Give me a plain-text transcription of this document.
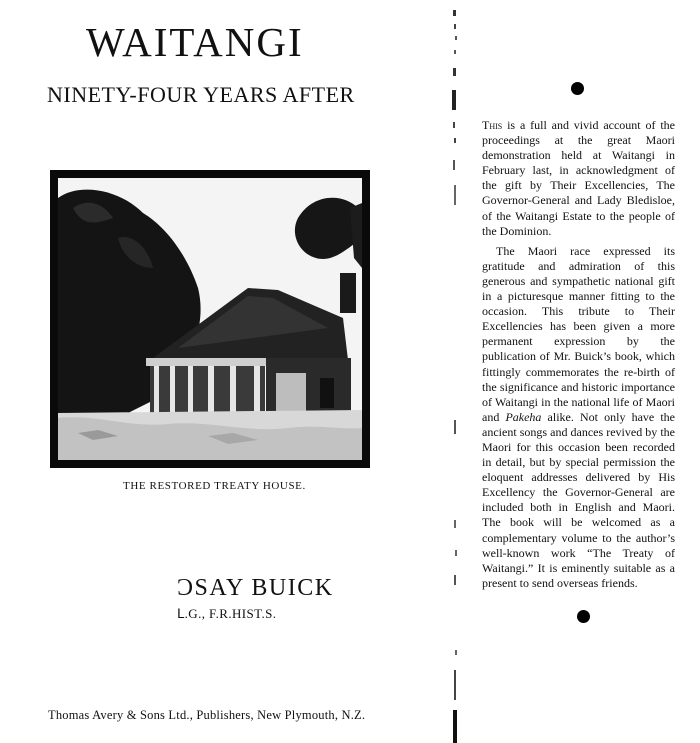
WAITANGI
NINETY-FOUR YEARS AFTER
THE RESTORED TREATY HOUSE.
ƆSAY BUICK
ᒪ.G., F.R.HIST.S.
Thomas Avery & Sons Ltd., Publishers, New Plymouth, N.Z.

This is a full and vivid account of the proceedings at the great Maori demonstration held at Waitangi in February last, in acknowledgment of the gift by Their Excellencies, The Governor-General and Lady Bledisloe, of the Waitangi Estate to the people of the Dominion.

The Maori race expressed its gratitude and admiration of this generous and sympathetic national gift in a picturesque manner fitting to the occasion. This tribute to Their Excellencies has been given a more permanent expression by the publication of Mr. Buick’s book, which fittingly commemorates the re-birth of the significance and historic importance of Waitangi in the national life of Maori and Pakeha alike. Not only have the ancient songs and dances revived by the Maori for this occasion been recorded in detail, but by special permission the eloquent addresses delivered by His Excellency the Governor-General are included both in English and Maori. The book will be welcomed as a complementary volume to the author’s well-known work “The Treaty of Waitangi.” It is eminently suitable as a present to send overseas friends.
